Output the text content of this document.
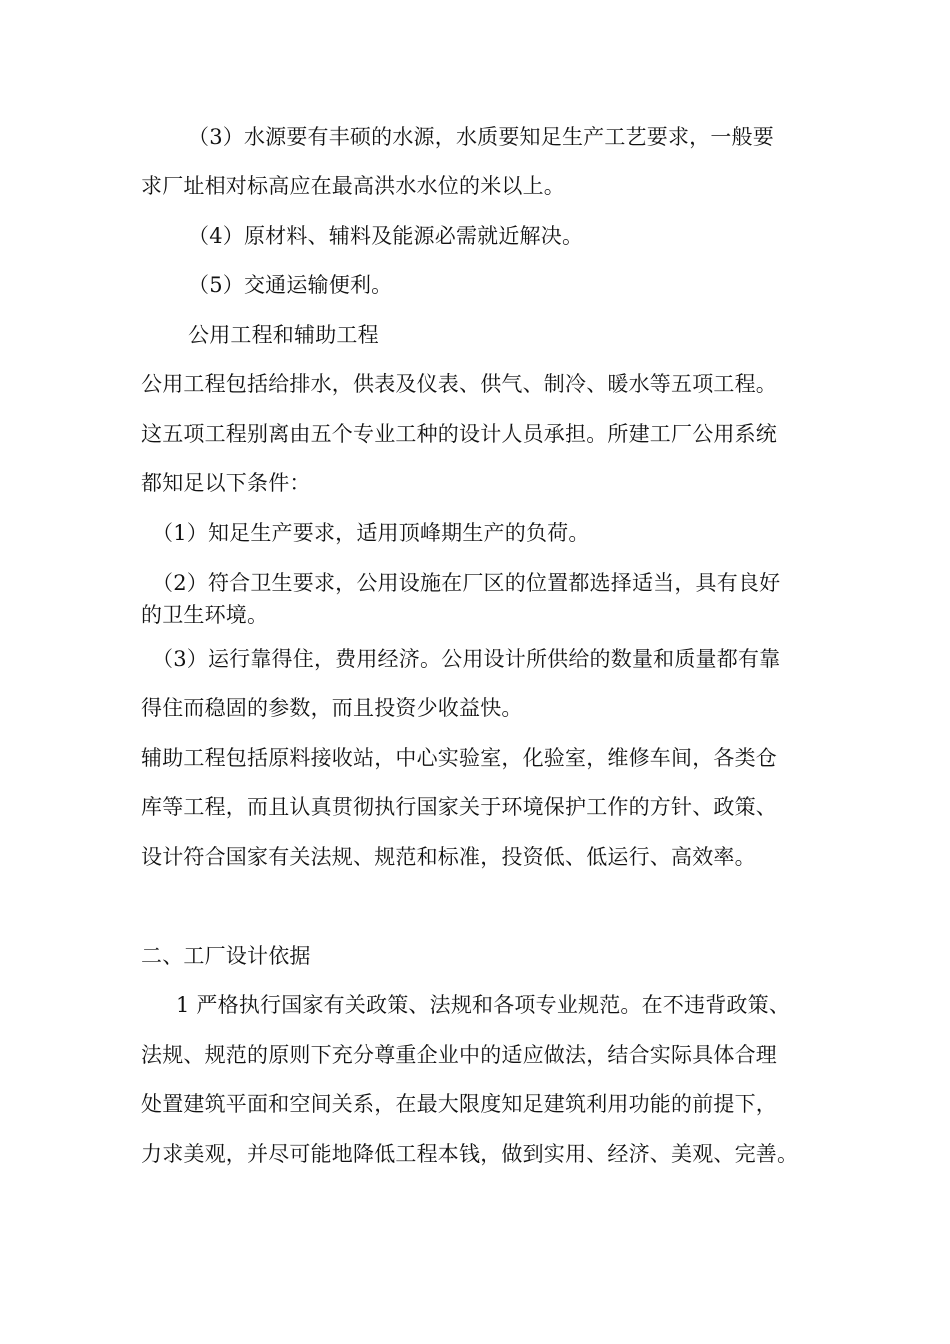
（3）水源要有丰硕的水源，水质要知足生产工艺要求，一般要
求厂址相对标高应在最高洪水水位的米以上。
（4）原材料、辅料及能源必需就近解决。
（5）交通运输便利。
公用工程和辅助工程
公用工程包括给排水，供表及仪表、供气、制冷、暖水等五项工程。
这五项工程别离由五个专业工种的设计人员承担。所建工厂公用系统
都知足以下条件：
（1）知足生产要求，适用顶峰期生产的负荷。
（2）符合卫生要求，公用设施在厂区的位置都选择适当，具有良好
的卫生环境。
（3）运行靠得住，费用经济。公用设计所供给的数量和质量都有靠
得住而稳固的参数，而且投资少收益快。
辅助工程包括原料接收站，中心实验室，化验室，维修车间，各类仓
库等工程，而且认真贯彻执行国家关于环境保护工作的方针、政策、
设计符合国家有关法规、规范和标准，投资低、低运行、高效率。
二、工厂设计依据
1 严格执行国家有关政策、法规和各项专业规范。在不违背政策、
法规、规范的原则下充分尊重企业中的适应做法，结合实际具体合理
处置建筑平面和空间关系，在最大限度知足建筑利用功能的前提下，
力求美观，并尽可能地降低工程本钱，做到实用、经济、美观、完善。
